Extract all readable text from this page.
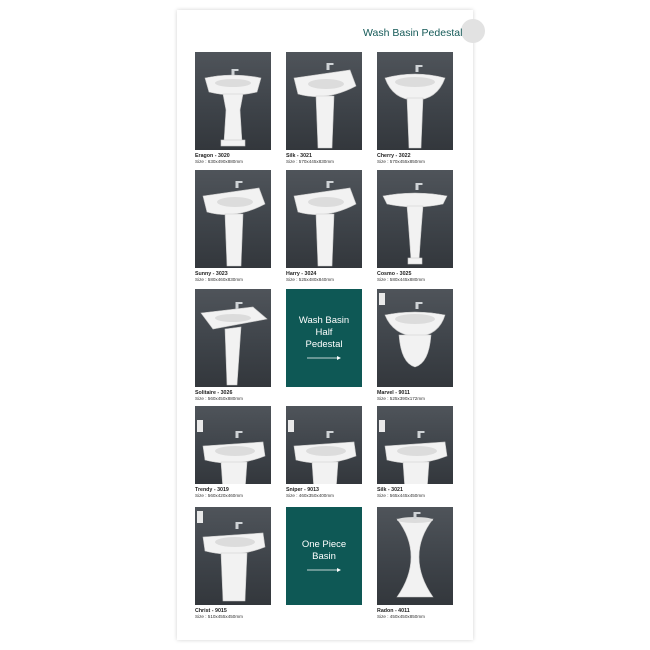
Wash Basin Pedestal
Eragon - 3020
Size : 630x490x880mm
Silk - 3021
Size : 570x445x830mm
Cherry - 3022
Size : 570x455x850mm
Sunny - 3023
Size : 580x460x830mm
Harry - 3024
Size : 525x480x840mm
Cosmo - 3025
Size : 580x445x880mm
Solitaire - 3026
Size : 560x450x880mm
Wash Basin
Half
Pedestal
Marvel - 9011
Size : 525x390x172mm
Trendy - 3019
Size : 560x420x460mm
Sniper - 9013
Size : 460x350x400mm
Silk - 3021
Size : 565x445x450mm
Christ - 9015
Size : 510x455x450mm
One Piece
Basin
Radon - 4011
Size : 450x450x850mm
